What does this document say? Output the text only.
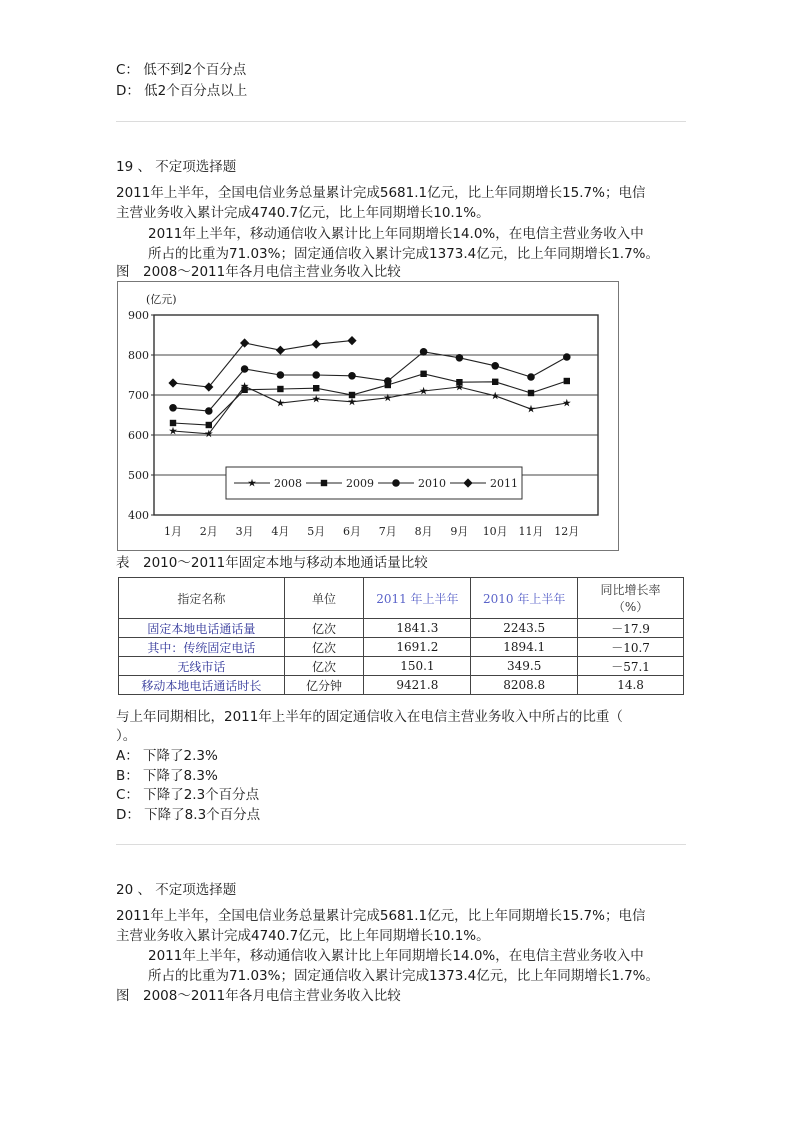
C： 低不到2个百分点
D： 低2个百分点以上
19 、 不定项选择题
2011年上半年，全国电信业务总量累计完成5681.1亿元，比上年同期增长15.7%；电信
主营业务收入累计完成4740.7亿元，比上年同期增长10.1%。
2011年上半年，移动通信收入累计比上年同期增长14.0%，在电信主营业务收入中
所占的比重为71.03%；固定通信收入累计完成1373.4亿元，比上年同期增长1.7%。
图　2008～2011年各月电信主营业务收入比较
400
500
600
700
800
900
(亿元)
1月 2月 3月 4月 5月 6月 7月 8月 9月 10月 11月 12月
2008	2009	2010	2011
表　2010～2011年固定本地与移动本地通话量比较
指定名称	单位	2011 年上半年	2010 年上半年	同比增长率
（%）

固定本地电话通话量	亿次	1841.3	2243.5	－17.9
其中：传统固定电话	亿次	1691.2	1894.1	－10.7
无线市话	亿次	150.1	349.5	－57.1
移动本地电话通话时长	亿分钟	9421.8	8208.8	14.8
与上年同期相比，2011年上半年的固定通信收入在电信主营业务收入中所占的比重（
）。
A： 下降了2.3%
B： 下降了8.3%
C： 下降了2.3个百分点
D： 下降了8.3个百分点
20 、 不定项选择题
2011年上半年，全国电信业务总量累计完成5681.1亿元，比上年同期增长15.7%；电信
主营业务收入累计完成4740.7亿元，比上年同期增长10.1%。
2011年上半年，移动通信收入累计比上年同期增长14.0%，在电信主营业务收入中
所占的比重为71.03%；固定通信收入累计完成1373.4亿元，比上年同期增长1.7%。
图　2008～2011年各月电信主营业务收入比较
